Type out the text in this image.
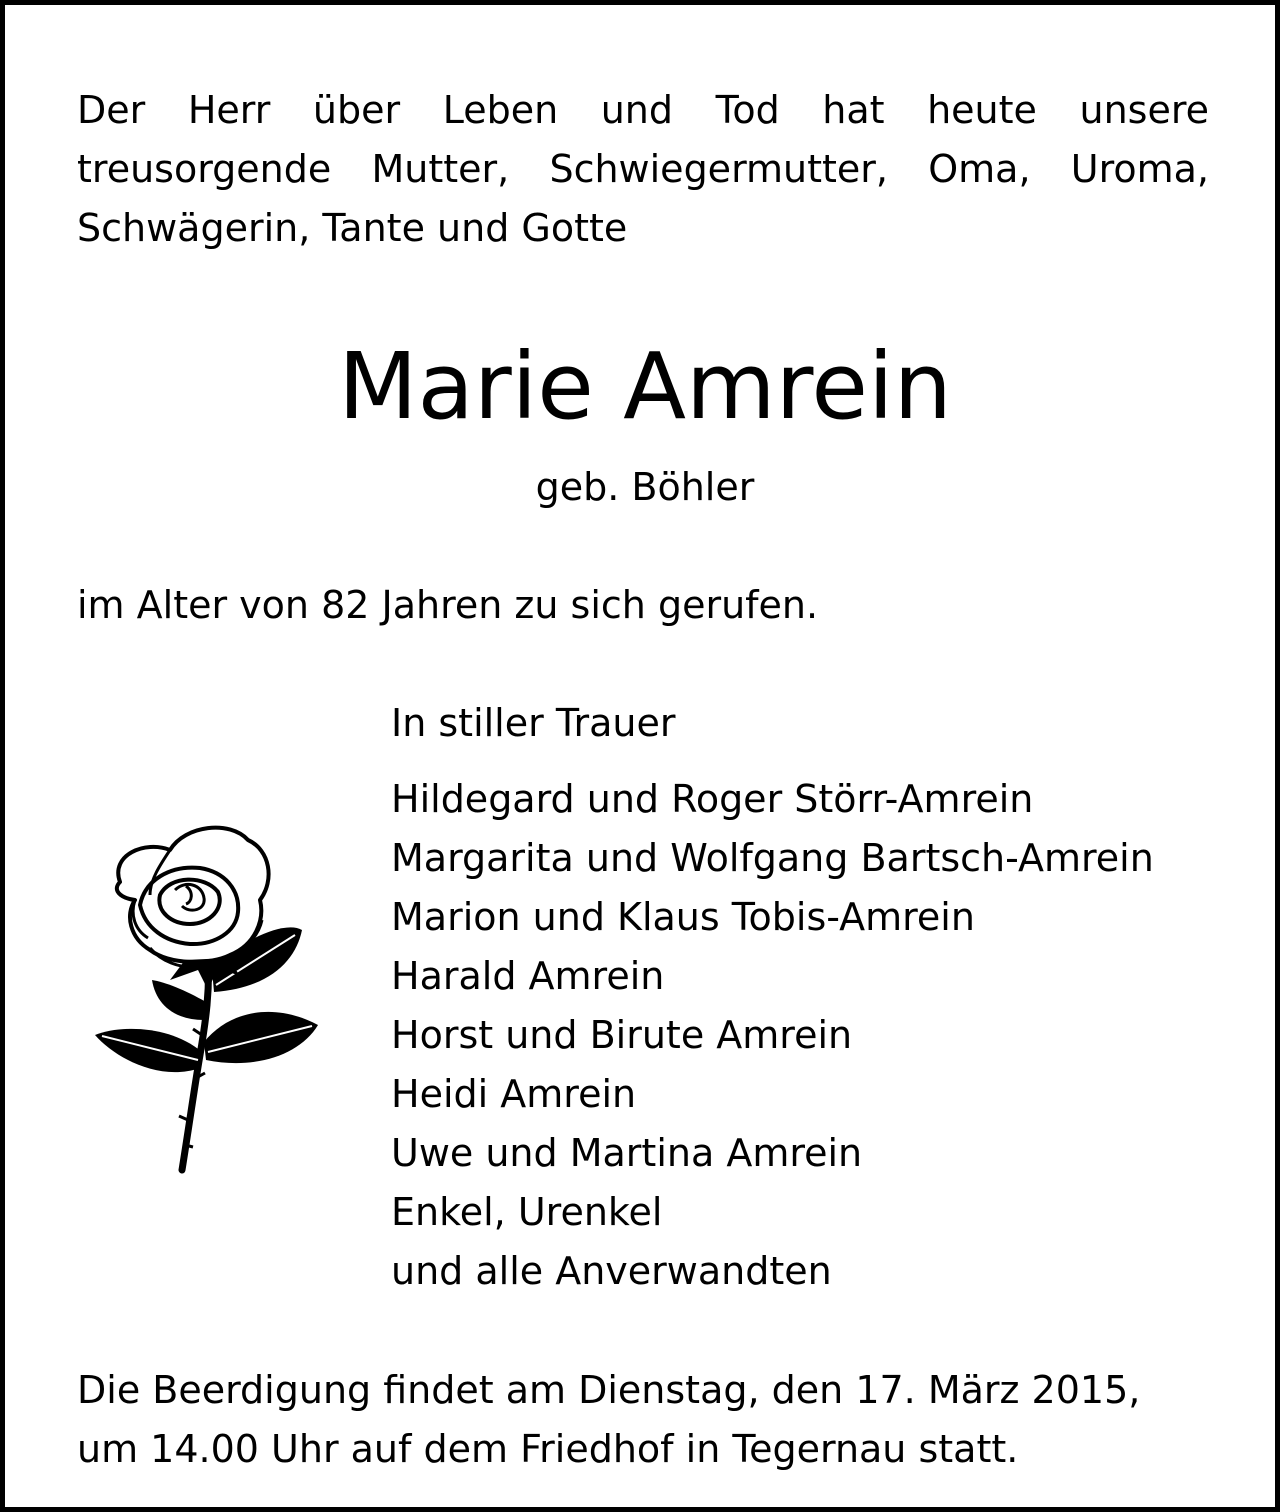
Der Herr über Leben und Tod hat heute unsere
treusorgende Mutter, Schwiegermutter, Oma, Uroma,
Schwägerin, Tante und Gotte

Marie Amrein

geb. Böhler

im Alter von 82 Jahren zu sich gerufen.

In stiller Trauer

Hildegard und Roger Störr-Amrein
Margarita und Wolfgang Bartsch-Amrein
Marion und Klaus Tobis-Amrein
Harald Amrein
Horst und Birute Amrein
Heidi Amrein
Uwe und Martina Amrein
Enkel, Urenkel
und alle Anverwandten

Die Beerdigung findet am Dienstag, den 17. März 2015,
um 14.00 Uhr auf dem Friedhof in Tegernau statt.
